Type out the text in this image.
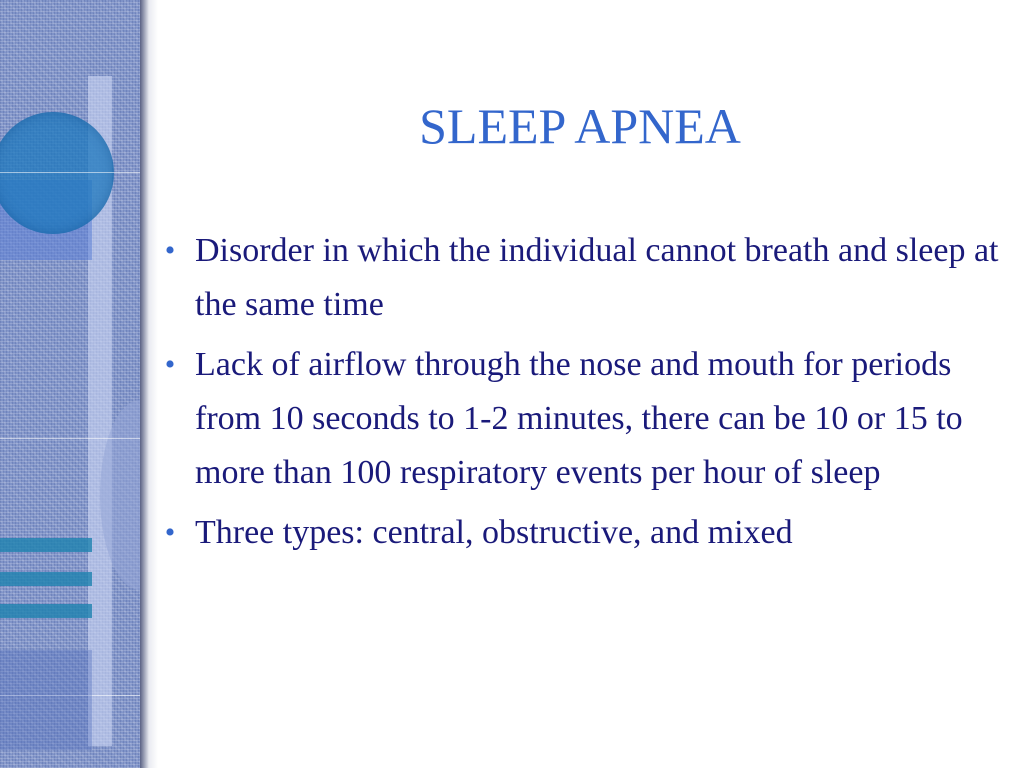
SLEEP APNEA
• Disorder in which the individual cannot breath and sleep at the same time
• Lack of airflow through the nose and mouth for periods from 10 seconds to 1-2 minutes, there can be 10 or 15 to more than 100 respiratory events per hour of sleep
• Three types: central, obstructive, and mixed
